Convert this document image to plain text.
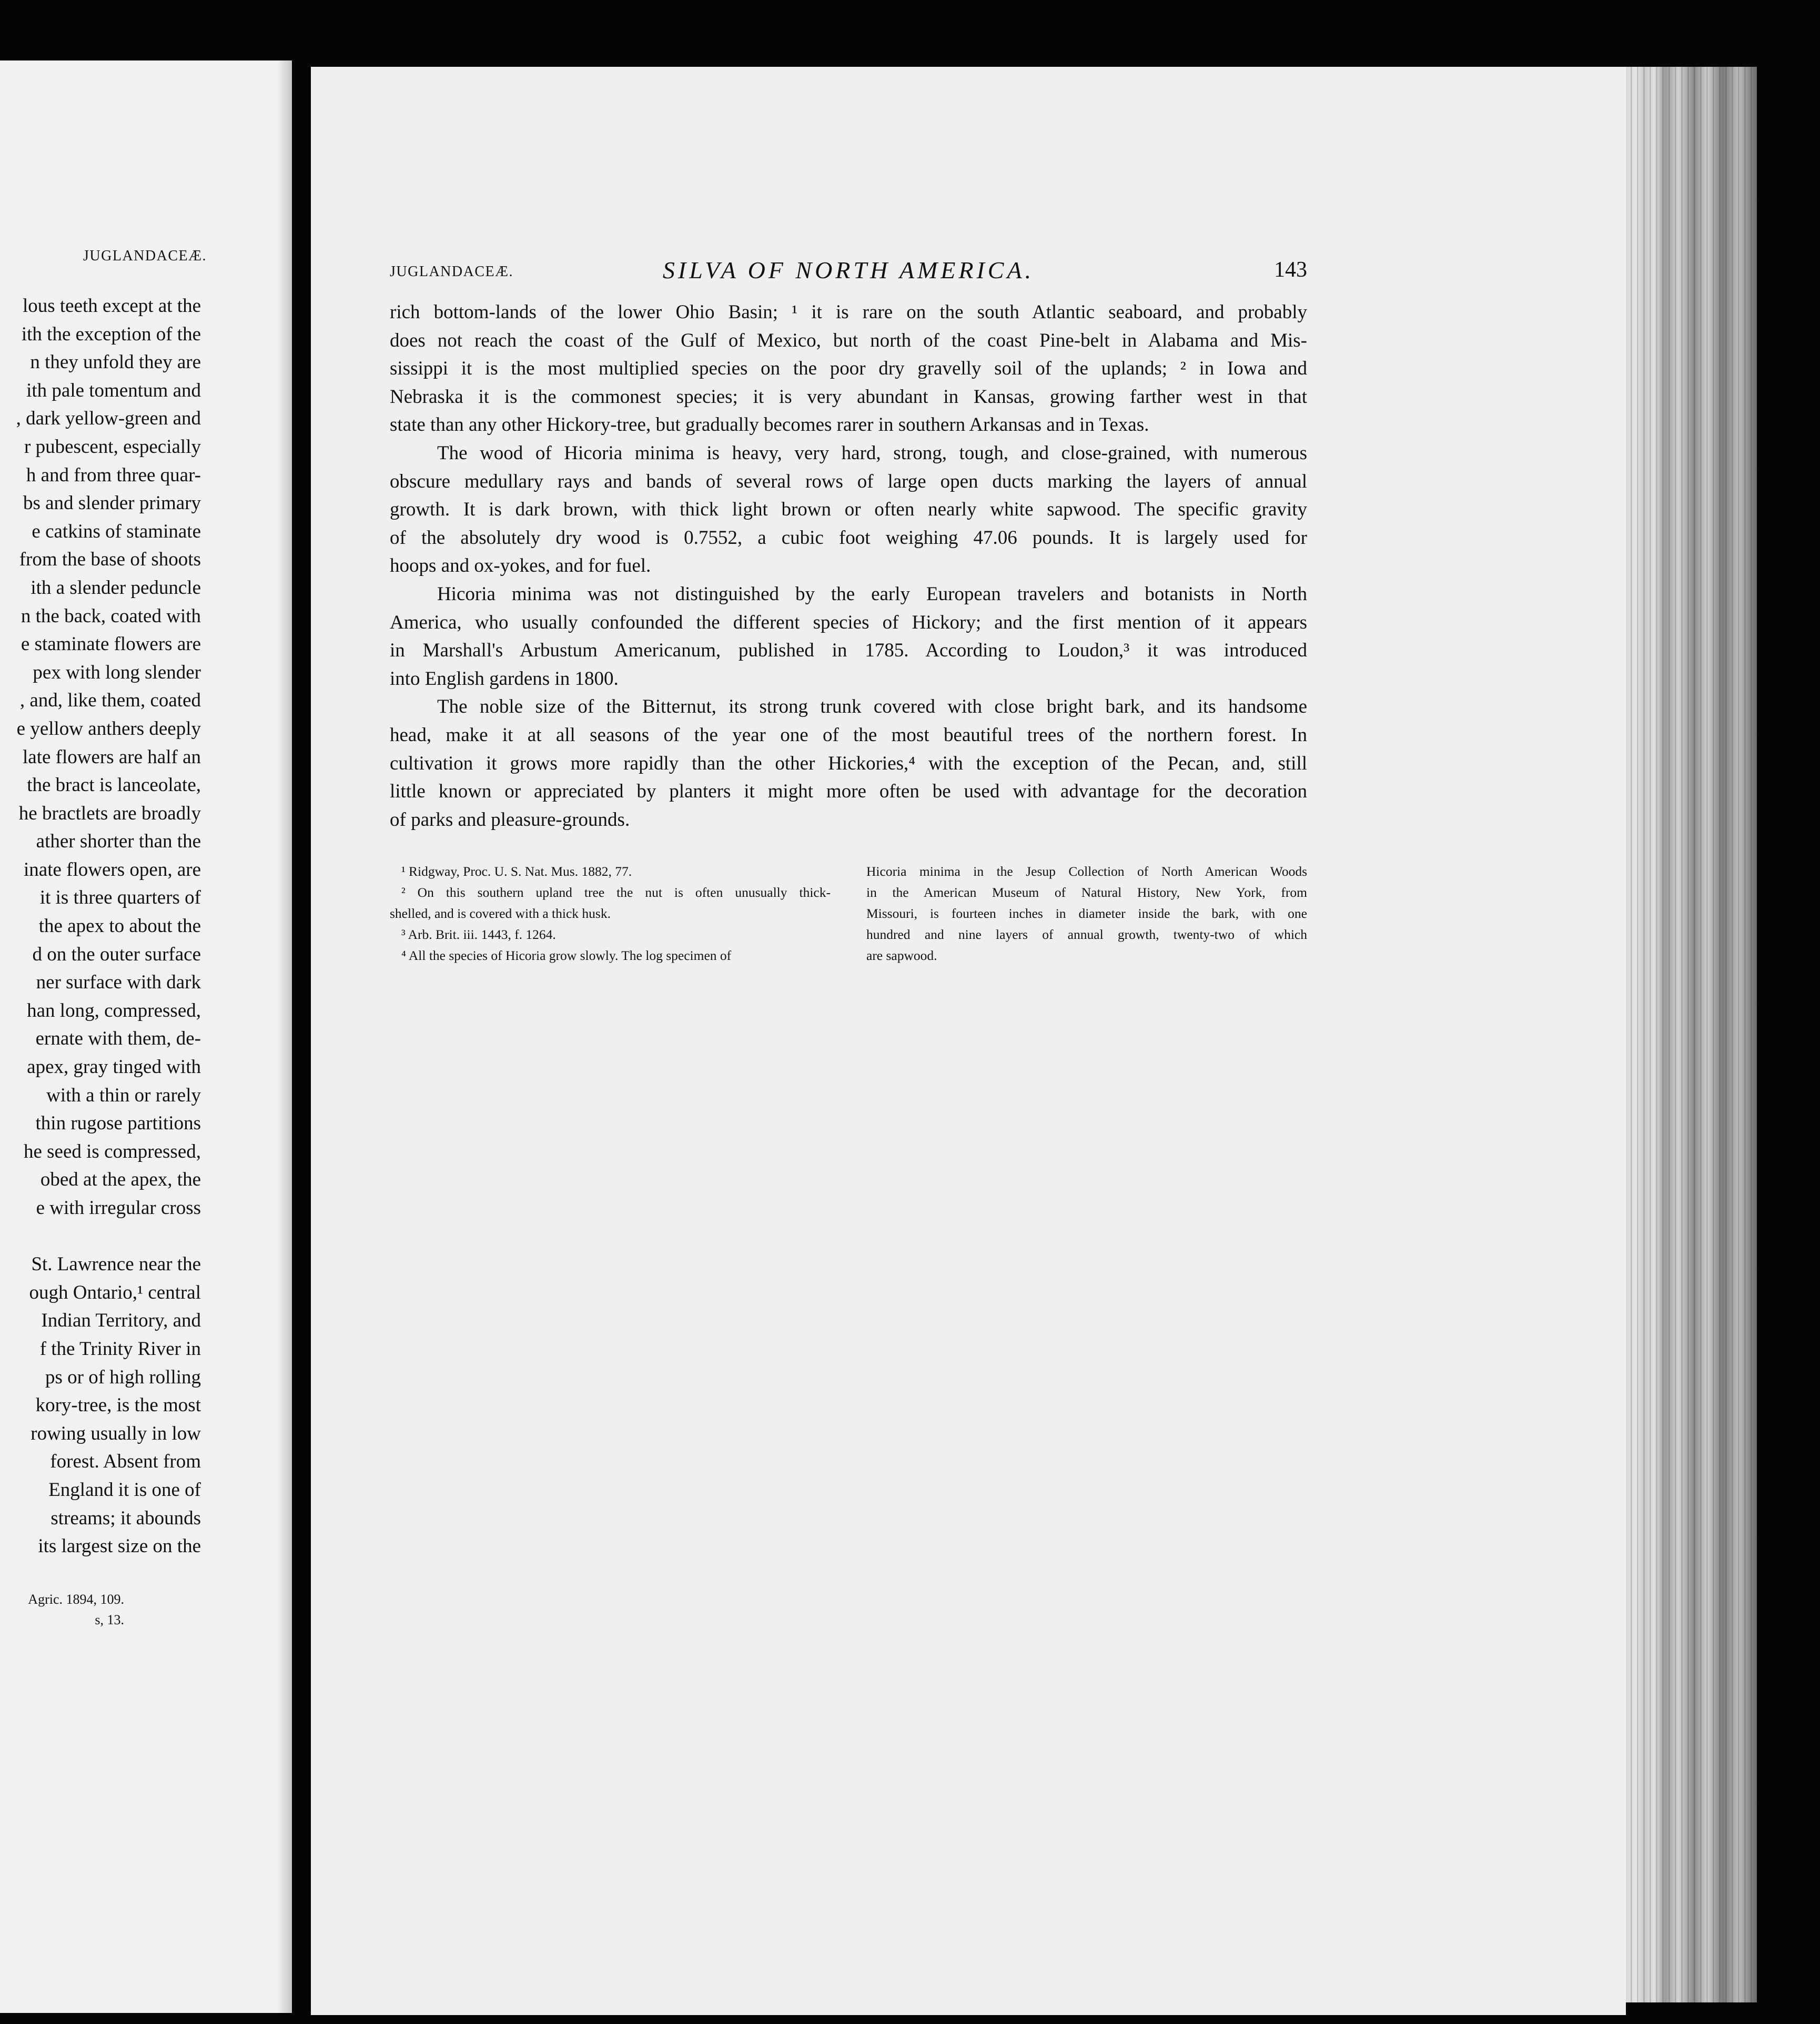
JUGLANDACEÆ.
lous teeth except at the
ith the exception of the
n they unfold they are
ith pale tomentum and
, dark yellow-green and
r pubescent, especially
h and from three quar-
bs and slender primary
e catkins of staminate
from the base of shoots
ith a slender peduncle
n the back, coated with
e staminate flowers are
pex with long slender
, and, like them, coated
e yellow anthers deeply
late flowers are half an
the bract is lanceolate,
he bractlets are broadly
ather shorter than the
inate flowers open, are
it is three quarters of
the apex to about the
d on the outer surface
ner surface with dark
han long, compressed,
ernate with them, de-
apex, gray tinged with
with a thin or rarely
thin rugose partitions
he seed is compressed,
obed at the apex, the
e with irregular cross
St. Lawrence near the
ough Ontario,¹ central
Indian Territory, and
f the Trinity River in
ps or of high rolling
kory-tree, is the most
rowing usually in low
forest. Absent from
England it is one of
streams; it abounds
its largest size on the
Agric. 1894, 109.
s, 13.
JUGLANDACEÆ.	SILVA OF NORTH AMERICA.	143
rich bottom-lands of the lower Ohio Basin; ¹ it is rare on the south Atlantic seaboard, and probably
does not reach the coast of the Gulf of Mexico, but north of the coast Pine-belt in Alabama and Mis-
sissippi it is the most multiplied species on the poor dry gravelly soil of the uplands; ² in Iowa and
Nebraska it is the commonest species; it is very abundant in Kansas, growing farther west in that
state than any other Hickory-tree, but gradually becomes rarer in southern Arkansas and in Texas.
The wood of Hicoria minima is heavy, very hard, strong, tough, and close-grained, with numerous
obscure medullary rays and bands of several rows of large open ducts marking the layers of annual
growth. It is dark brown, with thick light brown or often nearly white sapwood. The specific gravity
of the absolutely dry wood is 0.7552, a cubic foot weighing 47.06 pounds. It is largely used for
hoops and ox-yokes, and for fuel.
Hicoria minima was not distinguished by the early European travelers and botanists in North
America, who usually confounded the different species of Hickory; and the first mention of it appears
in Marshall's Arbustum Americanum, published in 1785. According to Loudon,³ it was introduced
into English gardens in 1800.
The noble size of the Bitternut, its strong trunk covered with close bright bark, and its handsome
head, make it at all seasons of the year one of the most beautiful trees of the northern forest. In
cultivation it grows more rapidly than the other Hickories,⁴ with the exception of the Pecan, and, still
little known or appreciated by planters it might more often be used with advantage for the decoration
of parks and pleasure-grounds.
¹ Ridgway, Proc. U. S. Nat. Mus. 1882, 77.
² On this southern upland tree the nut is often unusually thick-
shelled, and is covered with a thick husk.
³ Arb. Brit. iii. 1443, f. 1264.
⁴ All the species of Hicoria grow slowly. The log specimen of
Hicoria minima in the Jesup Collection of North American Woods
in the American Museum of Natural History, New York, from
Missouri, is fourteen inches in diameter inside the bark, with one
hundred and nine layers of annual growth, twenty-two of which
are sapwood.
